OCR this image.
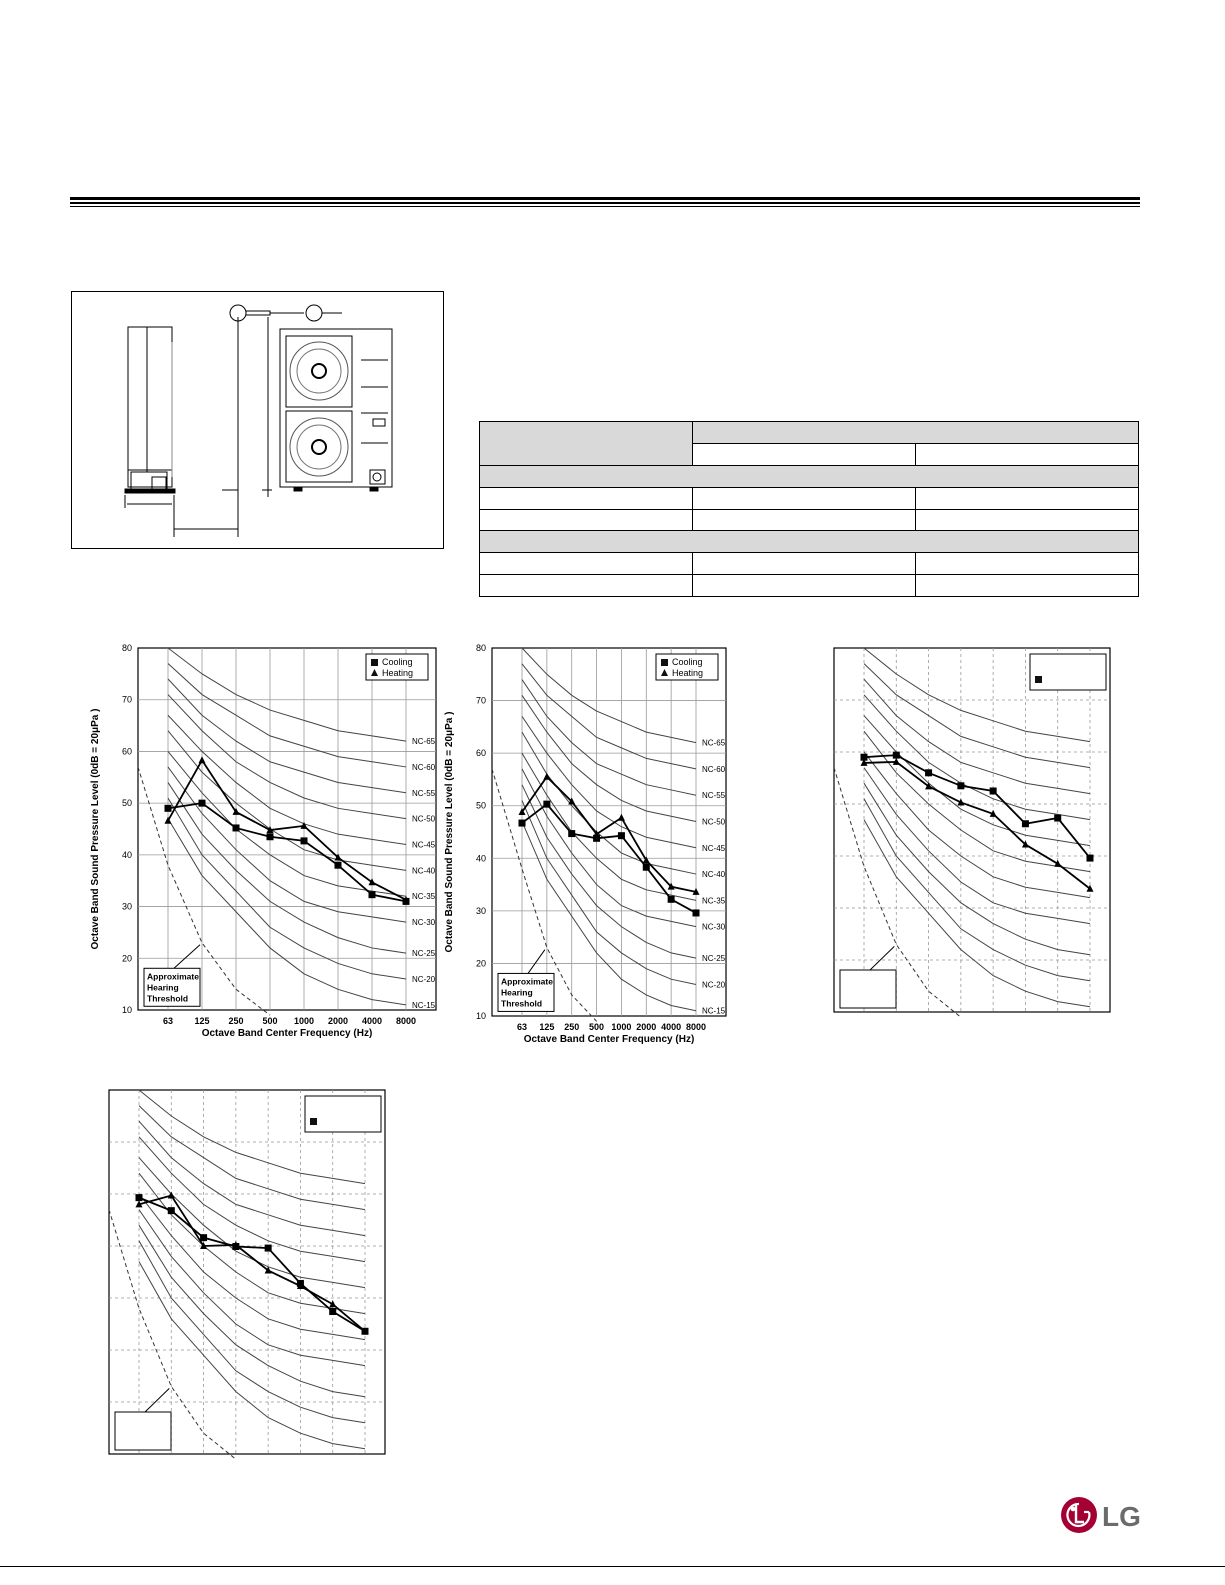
NC-65
NC-60
NC-55
NC-50
NC-45
NC-40
NC-35
NC-30
NC-25
NC-20
NC-15
Approximate
Hearing
Threshold
Cooling
Heating
10
20
30
40
50
60
70
80
63 125 250 500 1000 2000 4000 8000
Octave Band Center Frequency (Hz)
Octave Band Sound Pressure Level (0dB = 20μPa )	NC-65
NC-60
NC-55
NC-50
NC-45
NC-40
NC-35
NC-30
NC-25
NC-20
NC-15
Approximate
Hearing
Threshold
Cooling
Heating
10
20
30
40
50
60
70
80
63 125 250 500 1000 2000 4000 8000
Octave Band Center Frequency (Hz)
Octave Band Sound Pressure Level (0dB = 20μPa )
LG
